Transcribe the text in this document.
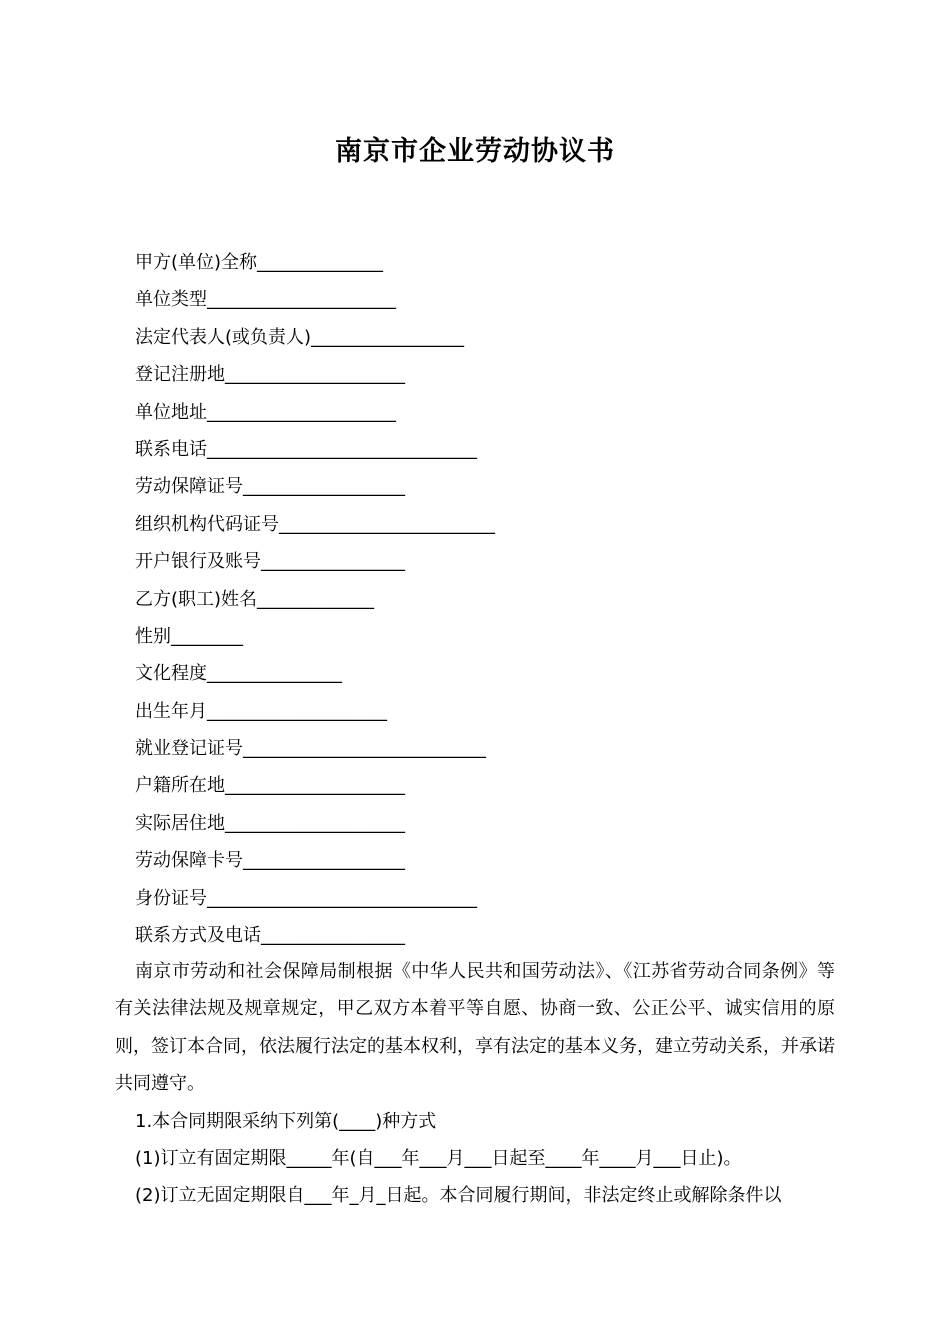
南京市企业劳动协议书
甲方(单位)全称______________
单位类型_____________________
法定代表人(或负责人)_________________
登记注册地____________________
单位地址_____________________
联系电话______________________________
劳动保障证号__________________
组织机构代码证号________________________
开户银行及账号________________
乙方(职工)姓名_____________
性别________
文化程度_______________
出生年月____________________
就业登记证号___________________________
户籍所在地____________________
实际居住地____________________
劳动保障卡号__________________
身份证号______________________________
联系方式及电话________________

南京市劳动和社会保障局制根据《中华人民共和国劳动法》、《江苏省劳动合同条例》等有关法律法规及规章规定，甲乙双方本着平等自愿、协商一致、公正公平、诚实信用的原则，签订本合同，依法履行法定的基本权利，享有法定的基本义务，建立劳动关系，并承诺共同遵守。

1.本合同期限采纳下列第(____)种方式

(1)订立有固定期限_____年(自___年___月___日起至____年____月___日止)。

(2)订立无固定期限自___年_月_日起。本合同履行期间，非法定终止或解除条件以
